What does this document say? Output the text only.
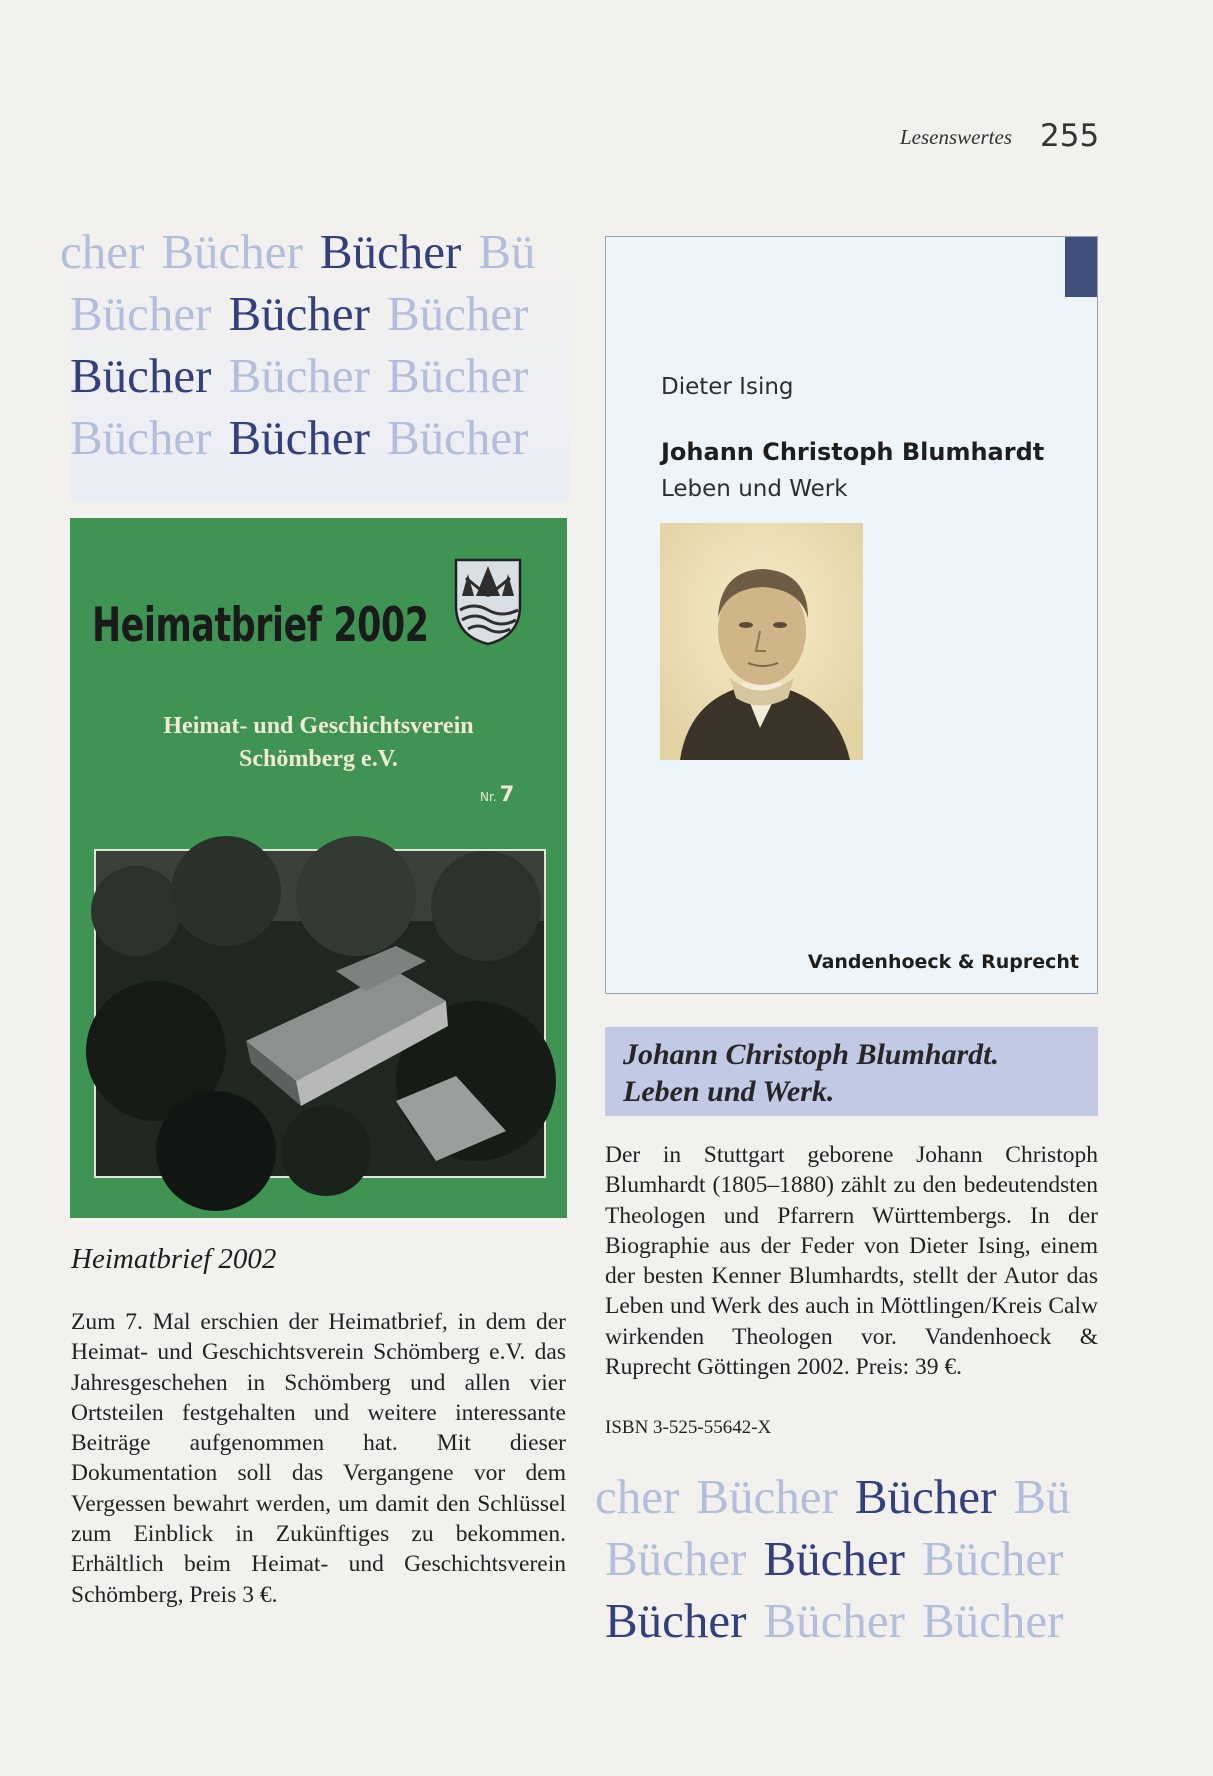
Lesenswertes 255
cher Bücher Bücher Bü
Bücher Bücher Bücher
Bücher Bücher Bücher
Bücher Bücher Bücher
Heimatbrief 2002
Heimat- und Geschichtsverein
Schömberg e.V.
Nr. 7
Heimatbrief 2002
Zum 7. Mal erschien der Heimatbrief, in dem der Heimat- und Geschichtsverein Schömberg e.V. das Jahresgeschehen in Schömberg und allen vier Ortsteilen festgehalten und weitere interessante Beiträge aufgenommen hat. Mit dieser Dokumentation soll das Vergangene vor dem Vergessen bewahrt werden, um damit den Schlüssel zum Einblick in Zukünftiges zu bekommen. Erhältlich beim Heimat- und Geschichtsverein Schömberg, Preis 3 €.
Dieter Ising
Johann Christoph Blumhardt
Leben und Werk
Vandenhoeck & Ruprecht
Johann Christoph Blumhardt.
Leben und Werk.
Der in Stuttgart geborene Johann Christoph Blumhardt (1805–1880) zählt zu den bedeutendsten Theologen und Pfarrern Württembergs. In der Biographie aus der Feder von Dieter Ising, einem der besten Kenner Blumhardts, stellt der Autor das Leben und Werk des auch in Möttlingen/Kreis Calw wirkenden Theologen vor. Vandenhoeck & Ruprecht Göttingen 2002. Preis: 39 €.
ISBN 3-525-55642-X
cher Bücher Bücher Bü
Bücher Bücher Bücher
Bücher Bücher Bücher
